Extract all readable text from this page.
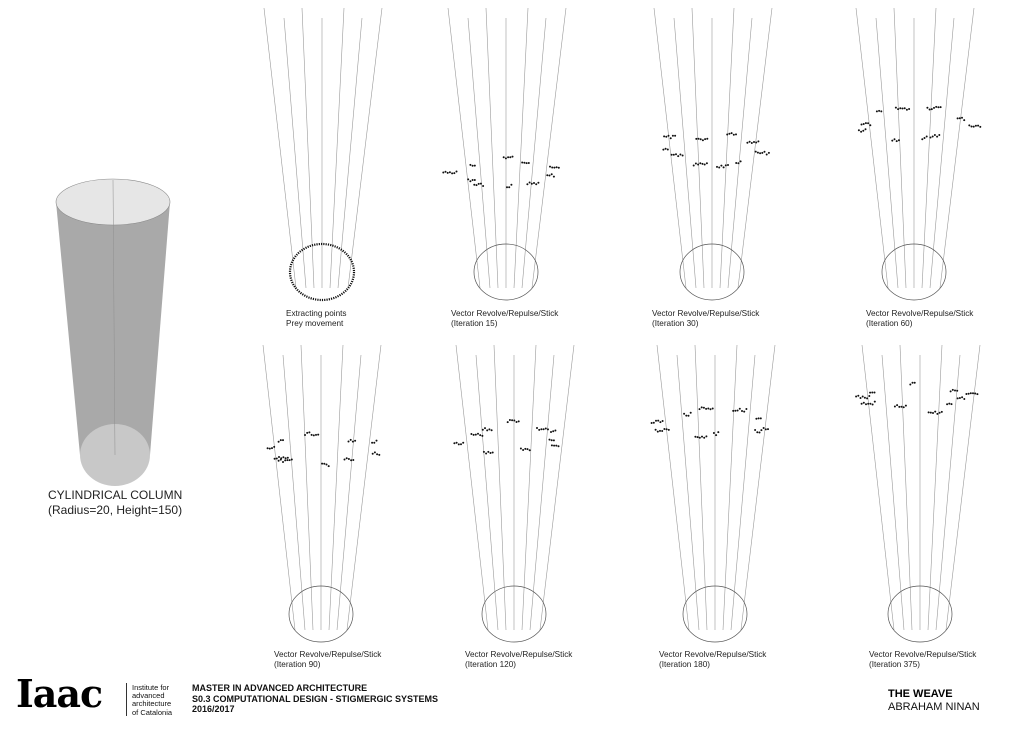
CYLINDRICAL COLUMN
(Radius=20, Height=150)
Extracting points
Prey movement
Vector Revolve/Repulse/Stick
(Iteration 15)
Vector Revolve/Repulse/Stick
(Iteration 30)
Vector Revolve/Repulse/Stick
(Iteration 60)
Vector Revolve/Repulse/Stick
(Iteration 90)
Vector Revolve/Repulse/Stick
(Iteration 120)
Vector Revolve/Repulse/Stick
(Iteration 180)
Vector Revolve/Repulse/Stick
(Iteration 375)
Iaac	Institute for
advanced
architecture
of Catalonia
MASTER IN ADVANCED ARCHITECTURE
S0.3 COMPUTATIONAL DESIGN - STIGMERGIC SYSTEMS
2016/2017
THE WEAVE
ABRAHAM NINAN
